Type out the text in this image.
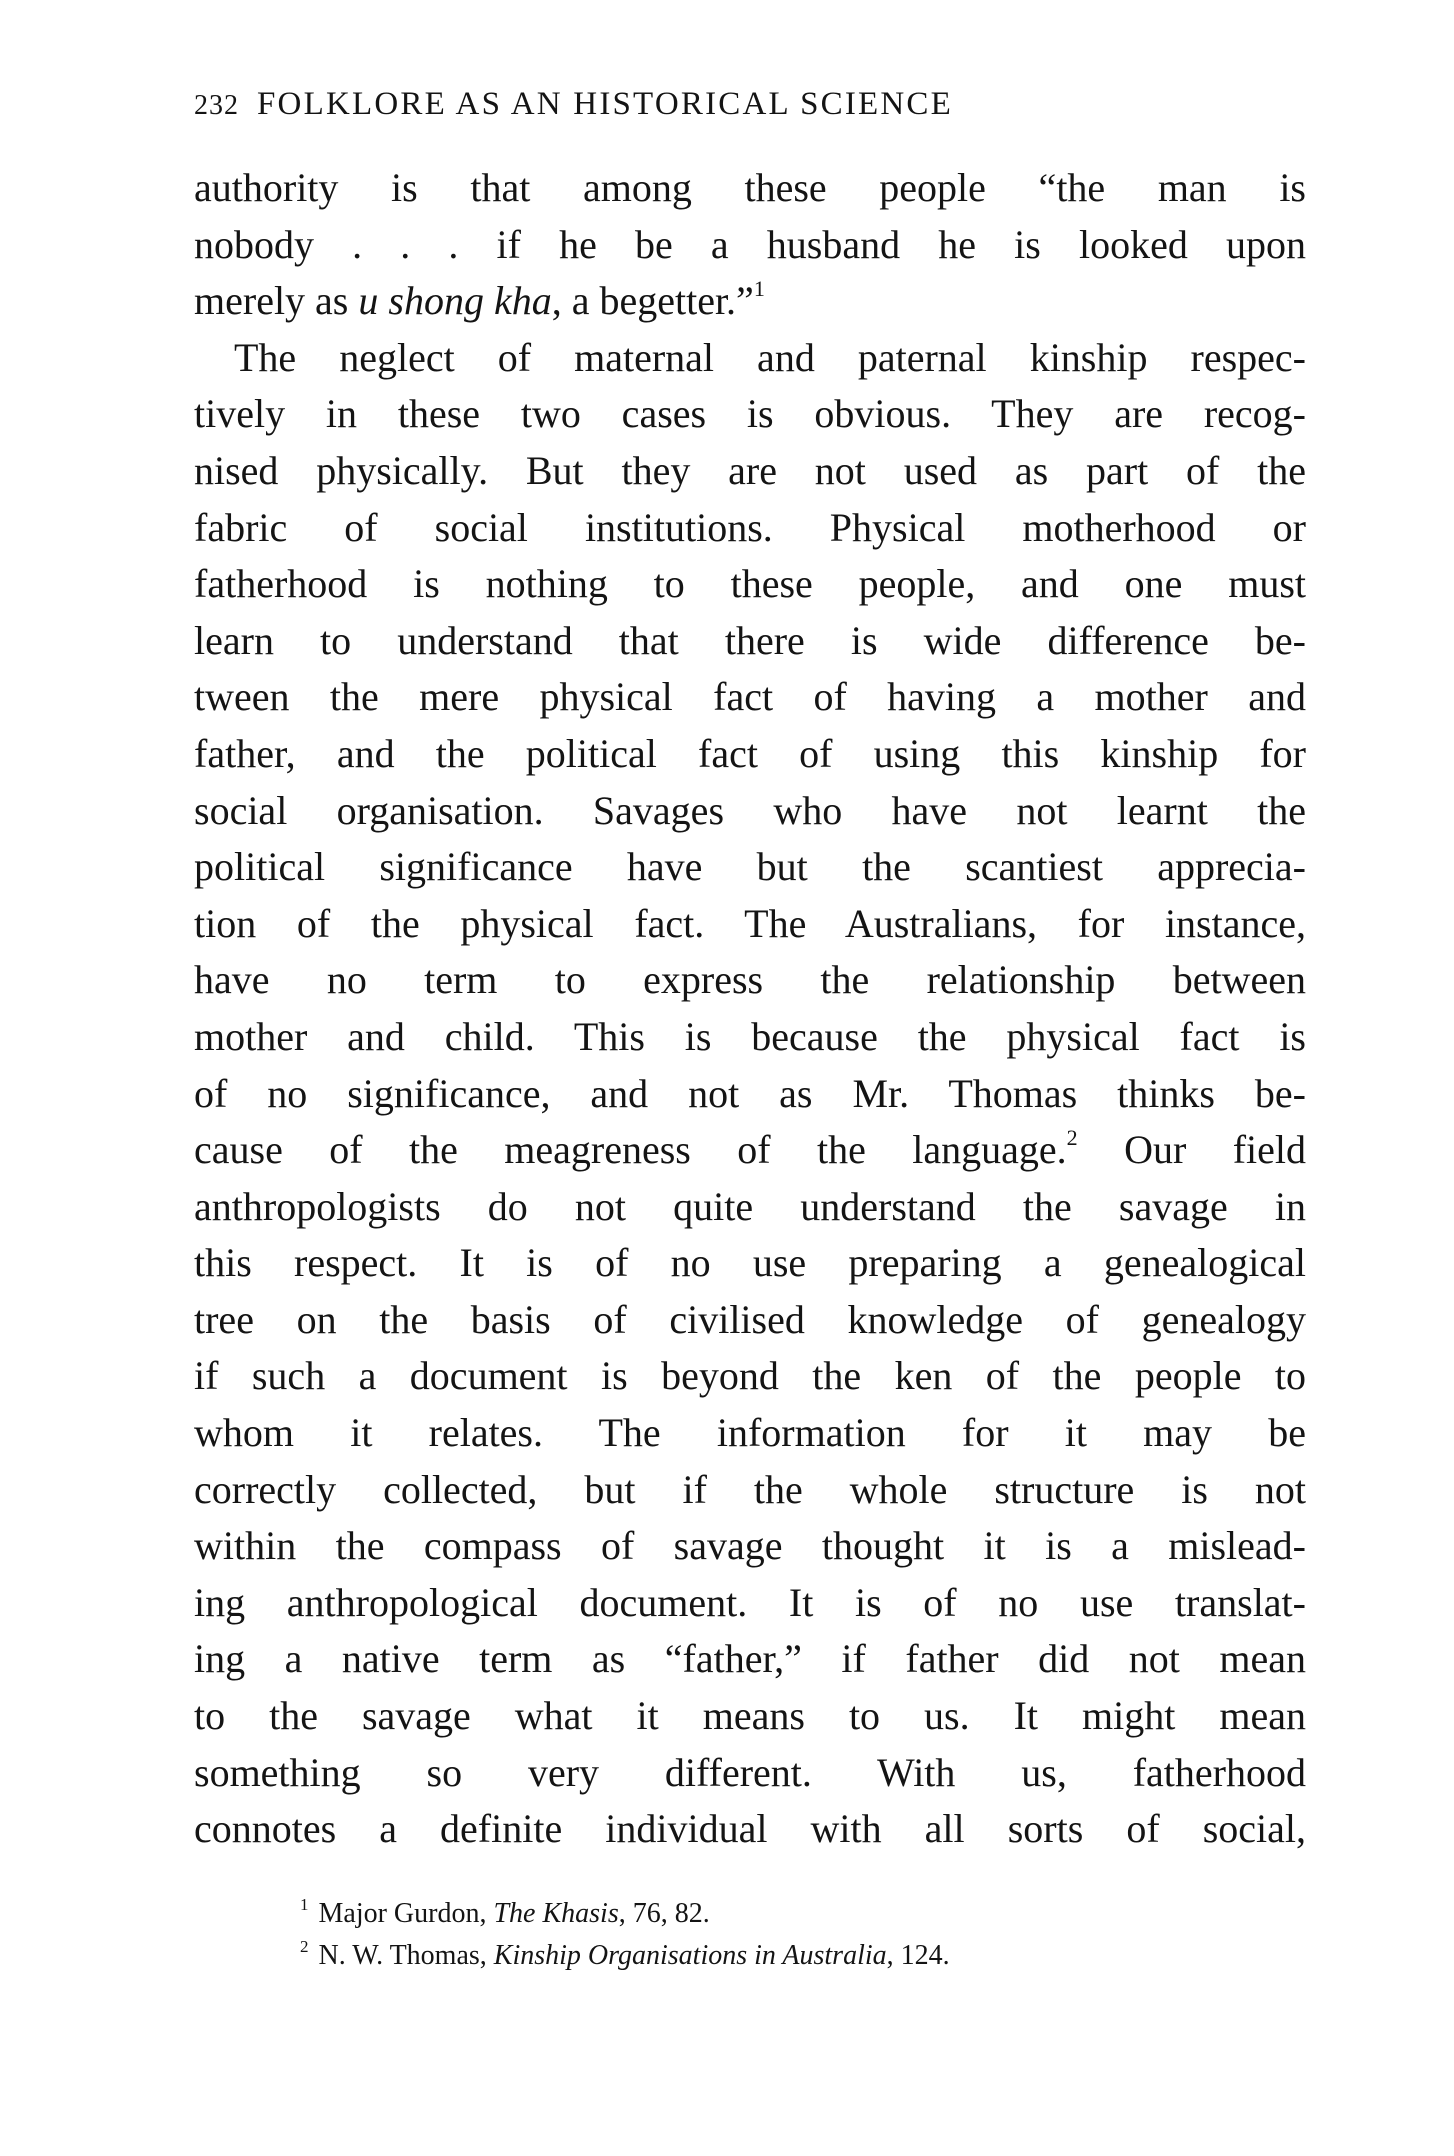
232 FOLKLORE AS AN HISTORICAL SCIENCE
authority is that among these people “the man is
nobody . . . if he be a husband he is looked upon
merely as u shong kha, a begetter.”$^1$
The neglect of maternal and paternal kinship respec-
tively in these two cases is obvious. They are recog-
nised physically. But they are not used as part of the
fabric of social institutions. Physical motherhood or
fatherhood is nothing to these people, and one must
learn to understand that there is wide difference be-
tween the mere physical fact of having a mother and
father, and the political fact of using this kinship for
social organisation. Savages who have not learnt the
political significance have but the scantiest apprecia-
tion of the physical fact. The Australians, for instance,
have no term to express the relationship between
mother and child. This is because the physical fact is
of no significance, and not as Mr. Thomas thinks be-
cause of the meagreness of the language.$^2$ Our field
anthropologists do not quite understand the savage in
this respect. It is of no use preparing a genealogical
tree on the basis of civilised knowledge of genealogy
if such a document is beyond the ken of the people to
whom it relates. The information for it may be
correctly collected, but if the whole structure is not
within the compass of savage thought it is a mislead-
ing anthropological document. It is of no use translat-
ing a native term as “father,” if father did not mean
to the savage what it means to us. It might mean
something so very different. With us, fatherhood
connotes a definite individual with all sorts of social,
$^1$ Major Gurdon, The Khasis, 76, 82.
$^2$ N. W. Thomas, Kinship Organisations in Australia, 124.
